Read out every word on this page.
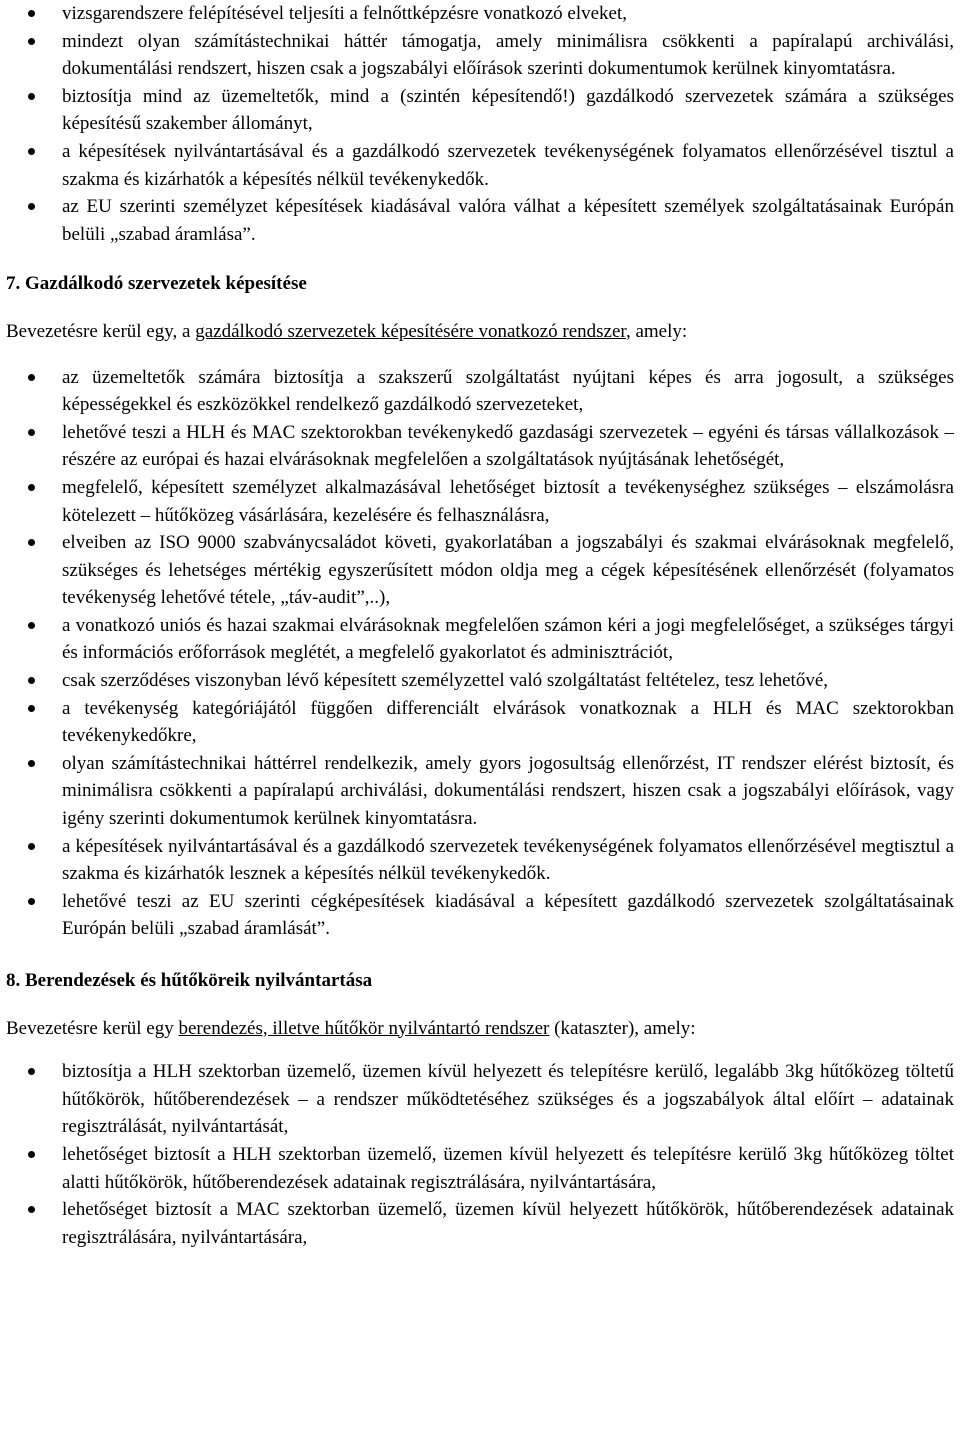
vizsgarendszere felépítésével teljesíti a felnőttképzésre vonatkozó elveket,
mindezt olyan számítástechnikai háttér támogatja, amely minimálisra csökkenti a papíralapú archiválási, dokumentálási rendszert, hiszen csak a jogszabályi előírások szerinti dokumentumok kerülnek kinyomtatásra.
biztosítja mind az üzemeltetők, mind a (szintén képesítendő!) gazdálkodó szervezetek számára a szükséges képesítésű szakember állományt,
a képesítések nyilvántartásával és a gazdálkodó szervezetek tevékenységének folyamatos ellenőrzésével tisztul a szakma és kizárhatók a képesítés nélkül tevékenykedők.
az EU szerinti személyzet képesítések kiadásával valóra válhat a képesített személyek szolgáltatásainak Európán belüli „szabad áramlása”.

7. Gazdálkodó szervezetek képesítése

Bevezetésre kerül egy, a gazdálkodó szervezetek képesítésére vonatkozó rendszer, amely:

az üzemeltetők számára biztosítja a szakszerű szolgáltatást nyújtani képes és arra jogosult, a szükséges képességekkel és eszközökkel rendelkező gazdálkodó szervezeteket,
lehetővé teszi a HLH és MAC szektorokban tevékenykedő gazdasági szervezetek – egyéni és társas vállalkozások – részére az európai és hazai elvárásoknak megfelelően a szolgáltatások nyújtásának lehetőségét,
megfelelő, képesített személyzet alkalmazásával lehetőséget biztosít a tevékenységhez szükséges – elszámolásra kötelezett – hűtőközeg vásárlására, kezelésére és felhasználásra,
elveiben az ISO 9000 szabványcsaládot követi, gyakorlatában a jogszabályi és szakmai elvárásoknak megfelelő, szükséges és lehetséges mértékig egyszerűsített módon oldja meg a cégek képesítésének ellenőrzését (folyamatos tevékenység lehetővé tétele, „táv-audit”,..),
a vonatkozó uniós és hazai szakmai elvárásoknak megfelelően számon kéri a jogi megfelelőséget, a szükséges tárgyi és információs erőforrások meglétét, a megfelelő gyakorlatot és adminisztrációt,
csak szerződéses viszonyban lévő képesített személyzettel való szolgáltatást feltételez, tesz lehetővé,
a tevékenység kategóriájától függően differenciált elvárások vonatkoznak a HLH és MAC szektorokban tevékenykedőkre,
olyan számítástechnikai háttérrel rendelkezik, amely gyors jogosultság ellenőrzést, IT rendszer elérést biztosít, és minimálisra csökkenti a papíralapú archiválási, dokumentálási rendszert, hiszen csak a jogszabályi előírások, vagy igény szerinti dokumentumok kerülnek kinyomtatásra.
a képesítések nyilvántartásával és a gazdálkodó szervezetek tevékenységének folyamatos ellenőrzésével megtisztul a szakma és kizárhatók lesznek a képesítés nélkül tevékenykedők.
lehetővé teszi az EU szerinti cégképesítések kiadásával a képesített gazdálkodó szervezetek szolgáltatásainak Európán belüli „szabad áramlását”.

8. Berendezések és hűtőköreik nyilvántartása

Bevezetésre kerül egy berendezés, illetve hűtőkör nyilvántartó rendszer (kataszter), amely:

biztosítja a HLH szektorban üzemelő, üzemen kívül helyezett és telepítésre kerülő, legalább 3kg hűtőközeg töltetű hűtőkörök, hűtőberendezések – a rendszer működtetéséhez szükséges és a jogszabályok által előírt – adatainak regisztrálását, nyilvántartását,
lehetőséget biztosít a HLH szektorban üzemelő, üzemen kívül helyezett és telepítésre kerülő 3kg hűtőközeg töltet alatti hűtőkörök, hűtőberendezések adatainak regisztrálására, nyilvántartására,
lehetőséget biztosít a MAC szektorban üzemelő, üzemen kívül helyezett hűtőkörök, hűtőberendezések adatainak regisztrálására, nyilvántartására,
